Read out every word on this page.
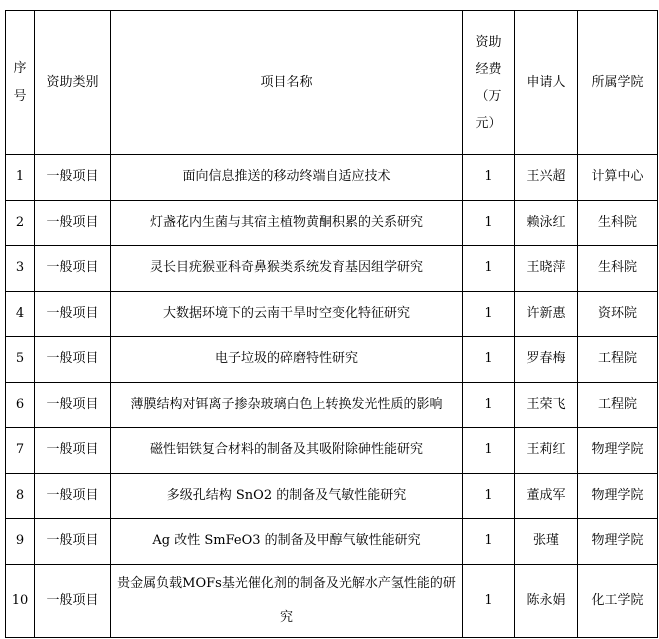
序号	资助类别	项目名称	资助经费（万元）	申请人	所属学院
1	一般项目	面向信息推送的移动终端自适应技术	1	王兴超	计算中心
2	一般项目	灯盏花内生菌与其宿主植物黄酮积累的关系研究	1	赖泳红	生科院
3	一般项目	灵长目疣猴亚科奇鼻猴类系统发育基因组学研究	1	王晓萍	生科院
4	一般项目	大数据环境下的云南干旱时空变化特征研究	1	许新惠	资环院
5	一般项目	电子垃圾的碎磨特性研究	1	罗春梅	工程院
6	一般项目	薄膜结构对铒离子掺杂玻璃白色上转换发光性质的影响	1	王荣飞	工程院
7	一般项目	磁性铝铁复合材料的制备及其吸附除砷性能研究	1	王莉红	物理学院
8	一般项目	多级孔结构 SnO2 的制备及气敏性能研究	1	董成军	物理学院
9	一般项目	Ag 改性 SmFeO3 的制备及甲醇气敏性能研究	1	张瑾	物理学院
10	一般项目	贵金属负载MOFs基光催化剂的制备及光解水产氢性能的研究	1	陈永娟	化工学院
